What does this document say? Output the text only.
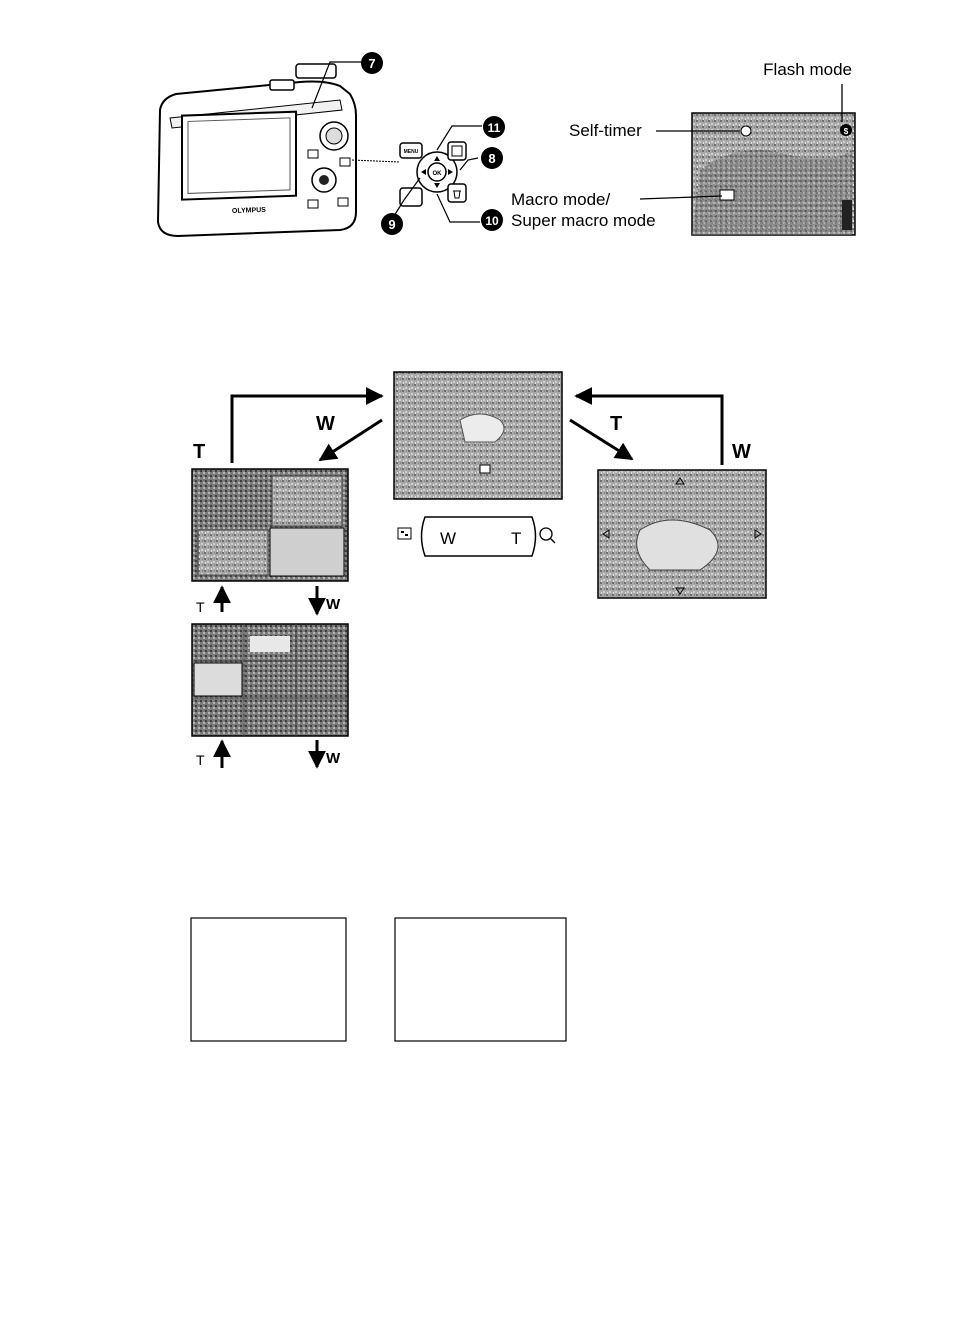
OLYMPUS
MENU
OK
7
11
8
9	10
$
Flash mode
Self-timer
Macro mode/
Super macro mode
W	T
W
T
T
W
T	W
T	W
